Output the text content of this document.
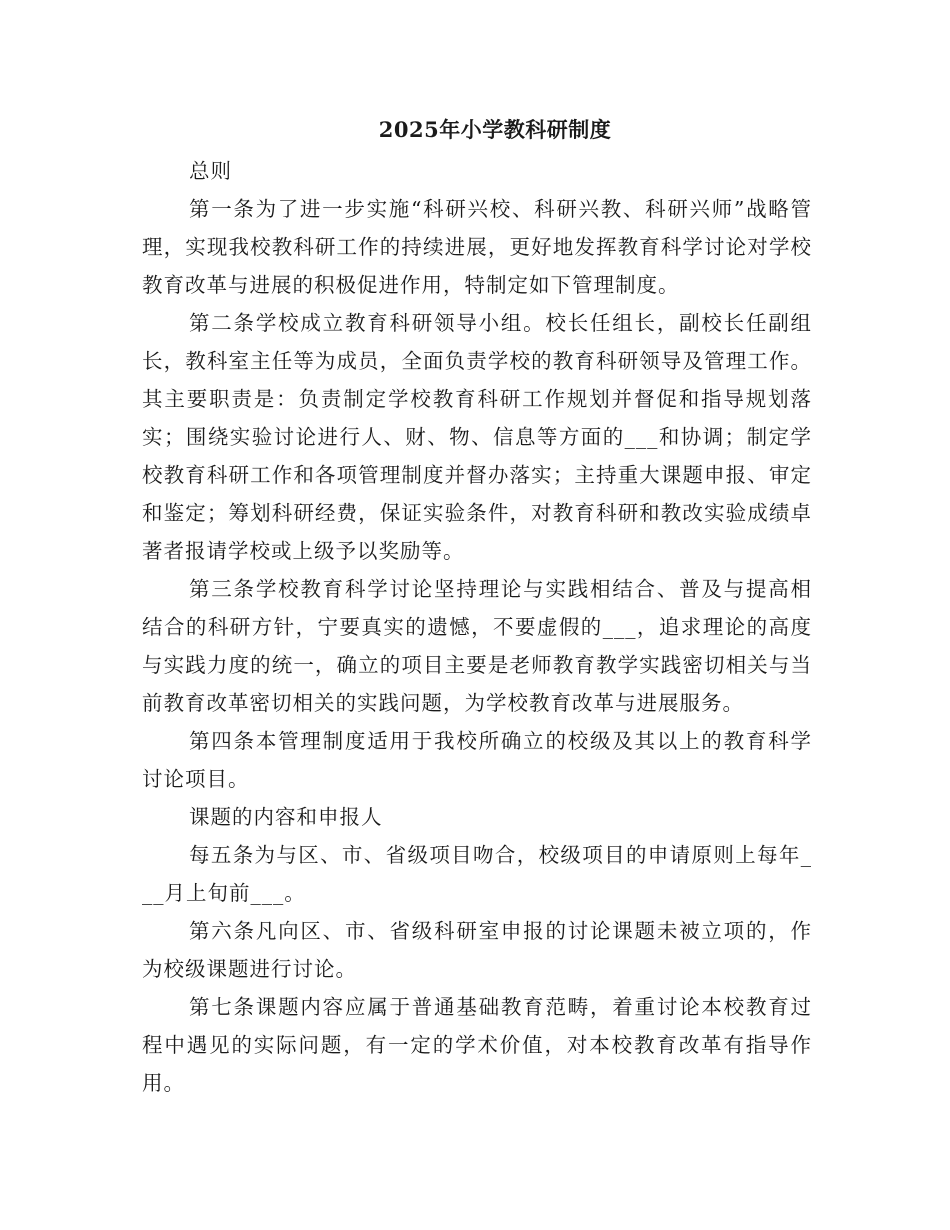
2025年小学教科研制度

总则

第一条为了进一步实施“科研兴校、科研兴教、科研兴师”战略管理，实现我校教科研工作的持续进展，更好地发挥教育科学讨论对学校教育改革与进展的积极促进作用，特制定如下管理制度。

第二条学校成立教育科研领导小组。校长任组长，副校长任副组长，教科室主任等为成员，全面负责学校的教育科研领导及管理工作。其主要职责是：负责制定学校教育科研工作规划并督促和指导规划落实；围绕实验讨论进行人、财、物、信息等方面的___和协调；制定学校教育科研工作和各项管理制度并督办落实；主持重大课题申报、审定和鉴定；筹划科研经费，保证实验条件，对教育科研和教改实验成绩卓著者报请学校或上级予以奖励等。

第三条学校教育科学讨论坚持理论与实践相结合、普及与提高相结合的科研方针，宁要真实的遗憾，不要虚假的___，追求理论的高度与实践力度的统一，确立的项目主要是老师教育教学实践密切相关与当前教育改革密切相关的实践问题，为学校教育改革与进展服务。

第四条本管理制度适用于我校所确立的校级及其以上的教育科学讨论项目。

课题的内容和申报人

每五条为与区、市、省级项目吻合，校级项目的申请原则上每年___月上旬前___。

第六条凡向区、市、省级科研室申报的讨论课题未被立项的，作为校级课题进行讨论。

第七条课题内容应属于普通基础教育范畴，着重讨论本校教育过程中遇见的实际问题，有一定的学术价值，对本校教育改革有指导作用。
